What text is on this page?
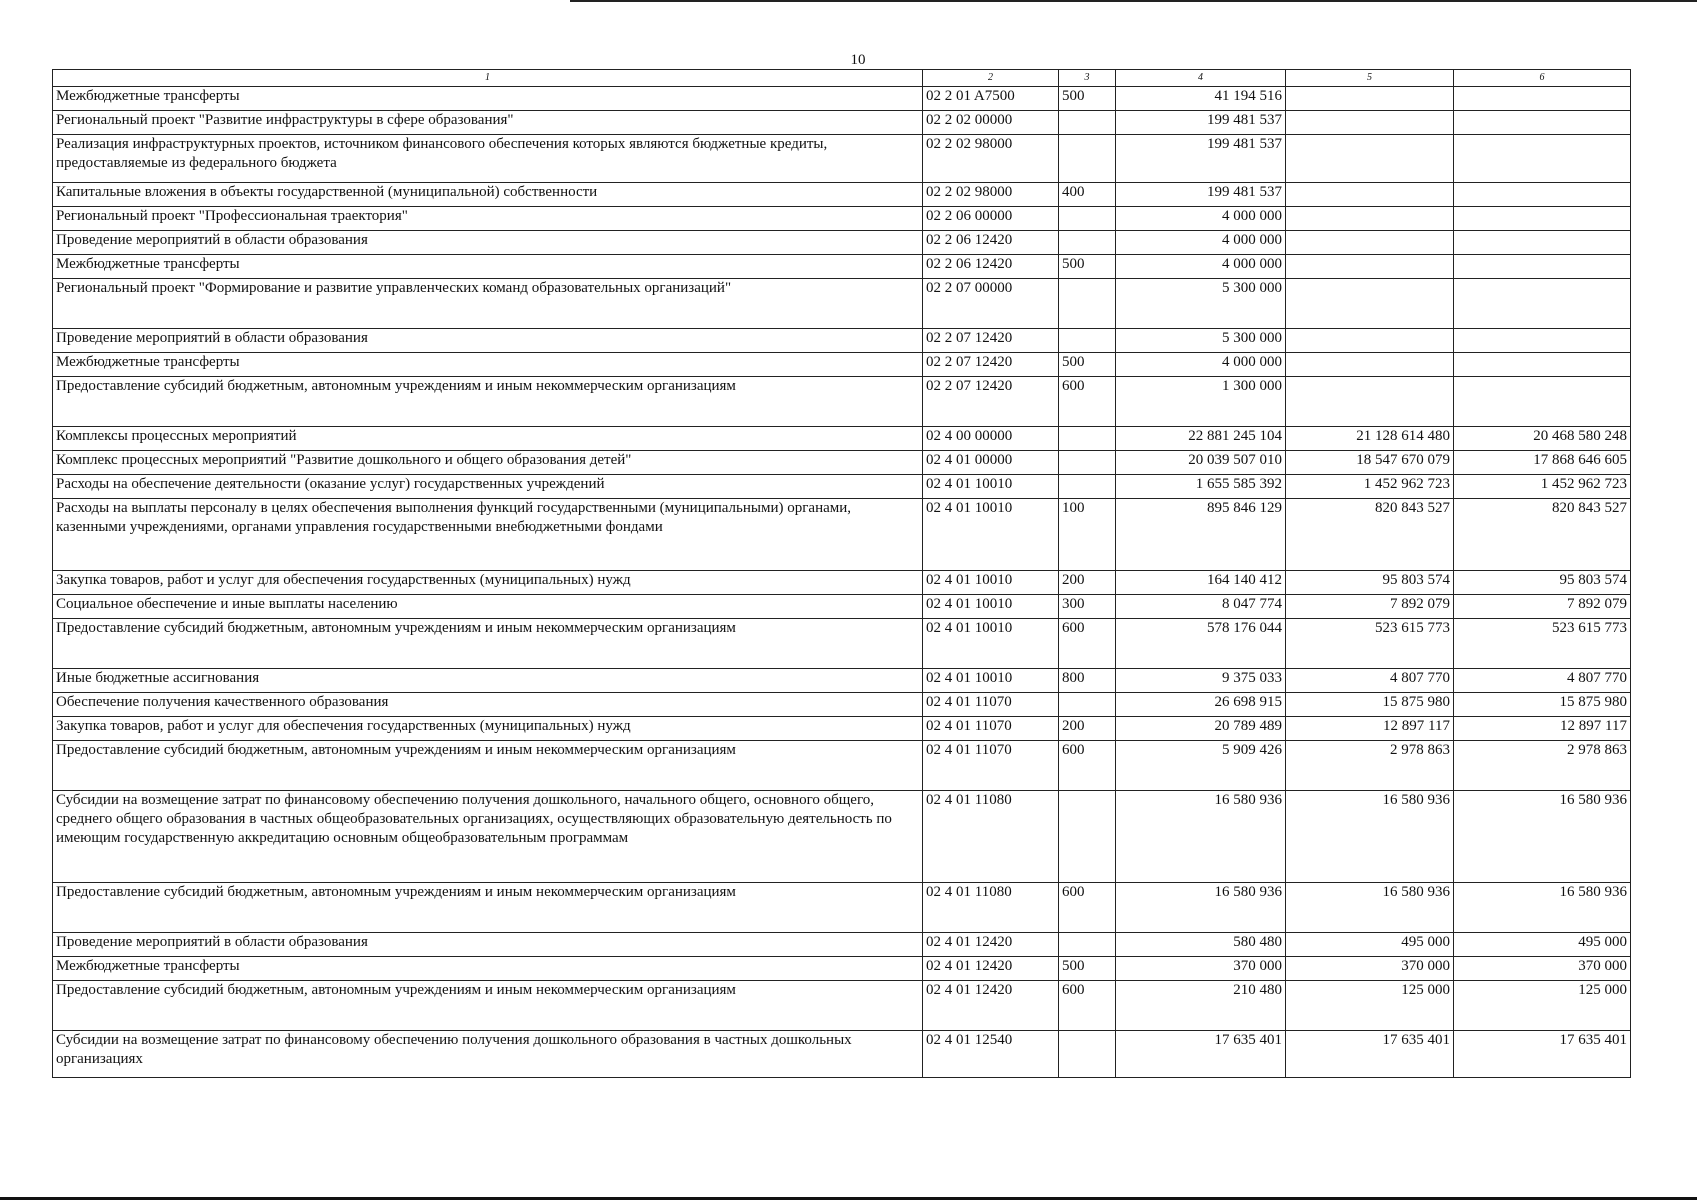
10
1	2	3	4	5	6
Межбюджетные трансферты	02 2 01 A7500	500	41 194 516		
Региональный проект "Развитие инфраструктуры в сфере образования"	02 2 02 00000		199 481 537		
Реализация инфраструктурных проектов, источником финансового обеспечения которых являются бюджетные кредиты, предоставляемые из федерального бюджета	02 2 02 98000		199 481 537		
Капитальные вложения в объекты государственной (муниципальной) собственности	02 2 02 98000	400	199 481 537		
Региональный проект "Профессиональная траектория"	02 2 06 00000		4 000 000		
Проведение мероприятий в области образования	02 2 06 12420		4 000 000		
Межбюджетные трансферты	02 2 06 12420	500	4 000 000		
Региональный проект "Формирование и развитие управленческих команд образовательных организаций"	02 2 07 00000		5 300 000		
Проведение мероприятий в области образования	02 2 07 12420		5 300 000		
Межбюджетные трансферты	02 2 07 12420	500	4 000 000		
Предоставление субсидий бюджетным, автономным учреждениям и иным некоммерческим организациям	02 2 07 12420	600	1 300 000		
Комплексы процессных мероприятий	02 4 00 00000		22 881 245 104	21 128 614 480	20 468 580 248
Комплекс процессных мероприятий "Развитие дошкольного и общего образования детей"	02 4 01 00000		20 039 507 010	18 547 670 079	17 868 646 605
Расходы на обеспечение деятельности (оказание услуг) государственных учреждений	02 4 01 10010		1 655 585 392	1 452 962 723	1 452 962 723
Расходы на выплаты персоналу в целях обеспечения выполнения функций государственными (муниципальными) органами, казенными учреждениями, органами управления государственными внебюджетными фондами	02 4 01 10010	100	895 846 129	820 843 527	820 843 527
Закупка товаров, работ и услуг для обеспечения государственных (муниципальных) нужд	02 4 01 10010	200	164 140 412	95 803 574	95 803 574
Социальное обеспечение и иные выплаты населению	02 4 01 10010	300	8 047 774	7 892 079	7 892 079
Предоставление субсидий бюджетным, автономным учреждениям и иным некоммерческим организациям	02 4 01 10010	600	578 176 044	523 615 773	523 615 773
Иные бюджетные ассигнования	02 4 01 10010	800	9 375 033	4 807 770	4 807 770
Обеспечение получения качественного образования	02 4 01 11070		26 698 915	15 875 980	15 875 980
Закупка товаров, работ и услуг для обеспечения государственных (муниципальных) нужд	02 4 01 11070	200	20 789 489	12 897 117	12 897 117
Предоставление субсидий бюджетным, автономным учреждениям и иным некоммерческим организациям	02 4 01 11070	600	5 909 426	2 978 863	2 978 863
Субсидии на возмещение затрат по финансовому обеспечению получения дошкольного, начального общего, основного общего, среднего общего образования в частных общеобразовательных организациях, осуществляющих образовательную деятельность по имеющим государственную аккредитацию основным общеобразовательным программам	02 4 01 11080		16 580 936	16 580 936	16 580 936
Предоставление субсидий бюджетным, автономным учреждениям и иным некоммерческим организациям	02 4 01 11080	600	16 580 936	16 580 936	16 580 936
Проведение мероприятий в области образования	02 4 01 12420		580 480	495 000	495 000
Межбюджетные трансферты	02 4 01 12420	500	370 000	370 000	370 000
Предоставление субсидий бюджетным, автономным учреждениям и иным некоммерческим организациям	02 4 01 12420	600	210 480	125 000	125 000
Субсидии на возмещение затрат по финансовому обеспечению получения дошкольного образования в частных дошкольных организациях	02 4 01 12540		17 635 401	17 635 401	17 635 401
